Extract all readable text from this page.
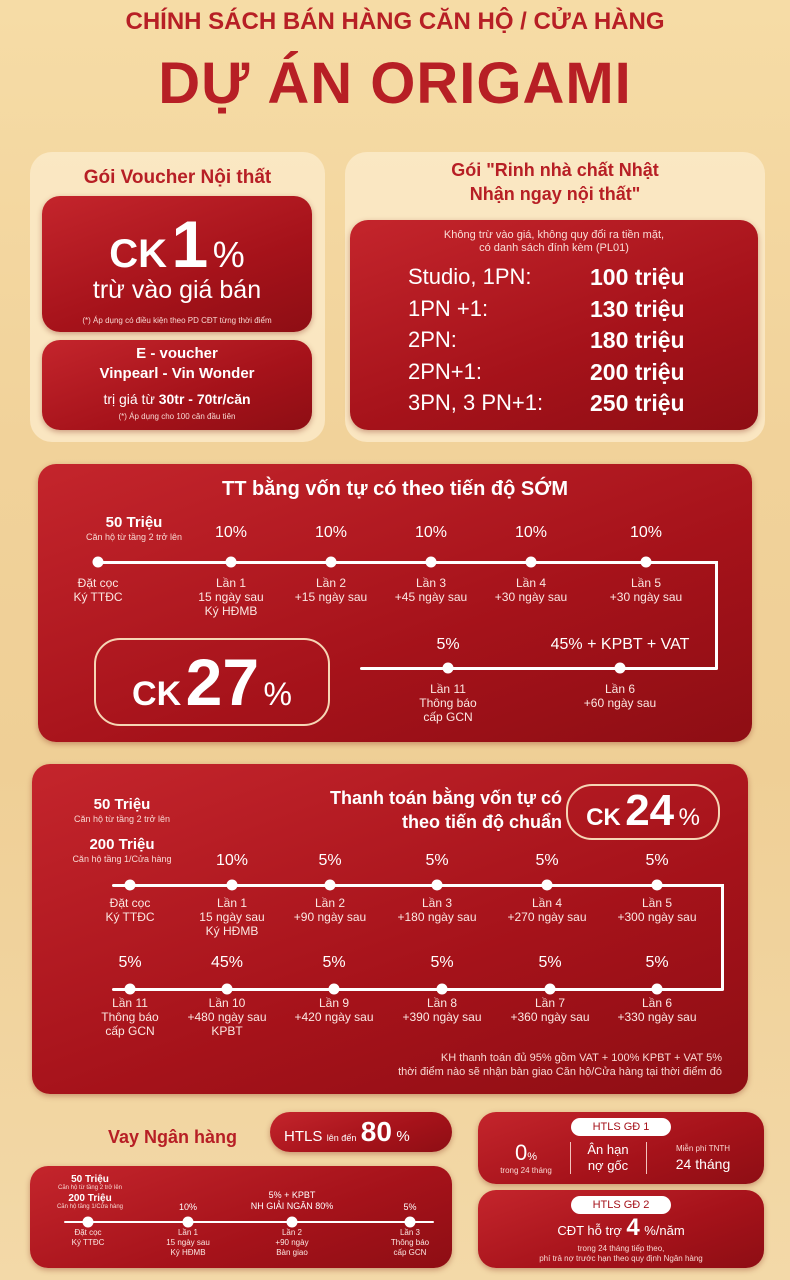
CHÍNH SÁCH BÁN HÀNG CĂN HỘ / CỬA HÀNG
DỰ ÁN ORIGAMI
Gói Voucher Nội thất
CK 1 %
trừ vào giá bán
(*) Áp dụng có điều kiện theo PD CĐT từng thời điểm
E - voucher
Vinpearl - Vin Wonder
trị giá từ 30tr - 70tr/căn
(*) Áp dụng cho 100 căn đầu tiên
Gói "Rinh nhà chất Nhật
Nhận ngay nội thất"
Không trừ vào giá, không quy đổi ra tiền mặt,
có danh sách đính kèm (PL01)
Studio, 1PN:	100 triệu
1PN +1:	130 triệu
2PN:	180 triệu
2PN+1:	200 triệu
3PN, 3 PN+1: 250 triệu
TT bằng vốn tự có theo tiến độ SỚM
50 Triệu
Căn hộ từ tầng 2 trở lên
Đặt cọc
Ký TTĐC
10%
Lần 1
15 ngày sau
Ký HĐMB
10%
Lần 2
+15 ngày sau
10%
Lần 3
+45 ngày sau
10%
Lần 4
+30 ngày sau
10%
Lần 5
+30 ngày sau
5%
Lần 11
Thông báo
cấp GCN
45% + KPBT + VAT
Lần 6
+60 ngày sau
CK 27 %
50 Triệu
Căn hộ từ tầng 2 trở lên
200 Triệu
Căn hộ tầng 1/Cửa hàng
Thanh toán bằng vốn tự có
theo tiến độ chuẩn	CK 24 %
Đặt cọc
Ký TTĐC
10%
Lần 1
15 ngày sau
Ký HĐMB
5%
Lần 2
+90 ngày sau
5%
Lần 3
+180 ngày sau
5%
Lần 4
+270 ngày sau
5%
Lần 5
+300 ngày sau
5%
Lần 11
Thông báo
cấp GCN
45%
Lần 10
+480 ngày sau
KPBT
5%
Lần 9
+420 ngày sau
5%
Lần 8
+390 ngày sau
5%
Lần 7
+360 ngày sau
5%
Lần 6
+330 ngày sau
KH thanh toán đủ 95% gồm VAT + 100% KPBT + VAT 5%
thời điểm nào sẽ nhận bàn giao Căn hộ/Cửa hàng tại thời điểm đó
Vay Ngân hàng	HTLS lên đến 80 %
50 Triệu
Căn hộ từ tầng 2 trở lên
200 Triệu
Căn hộ tầng 1/Cửa hàng
Đặt cọc
Ký TTĐC
10%
Lần 1
15 ngày sau
Ký HĐMB
5% + KPBT
NH GIẢI NGÂN 80%
Lần 2
+90 ngày
Bàn giao
5%
Lần 3
Thông báo
cấp GCN
HTLS GĐ 1
0%
trong 24 tháng
Ân hạn
nợ gốc
Miễn phí TNTH
24 tháng
HTLS GĐ 2
CĐT hỗ trợ 4 %/năm
trong 24 tháng tiếp theo,
phí trả nợ trước hạn theo quy định Ngân hàng
